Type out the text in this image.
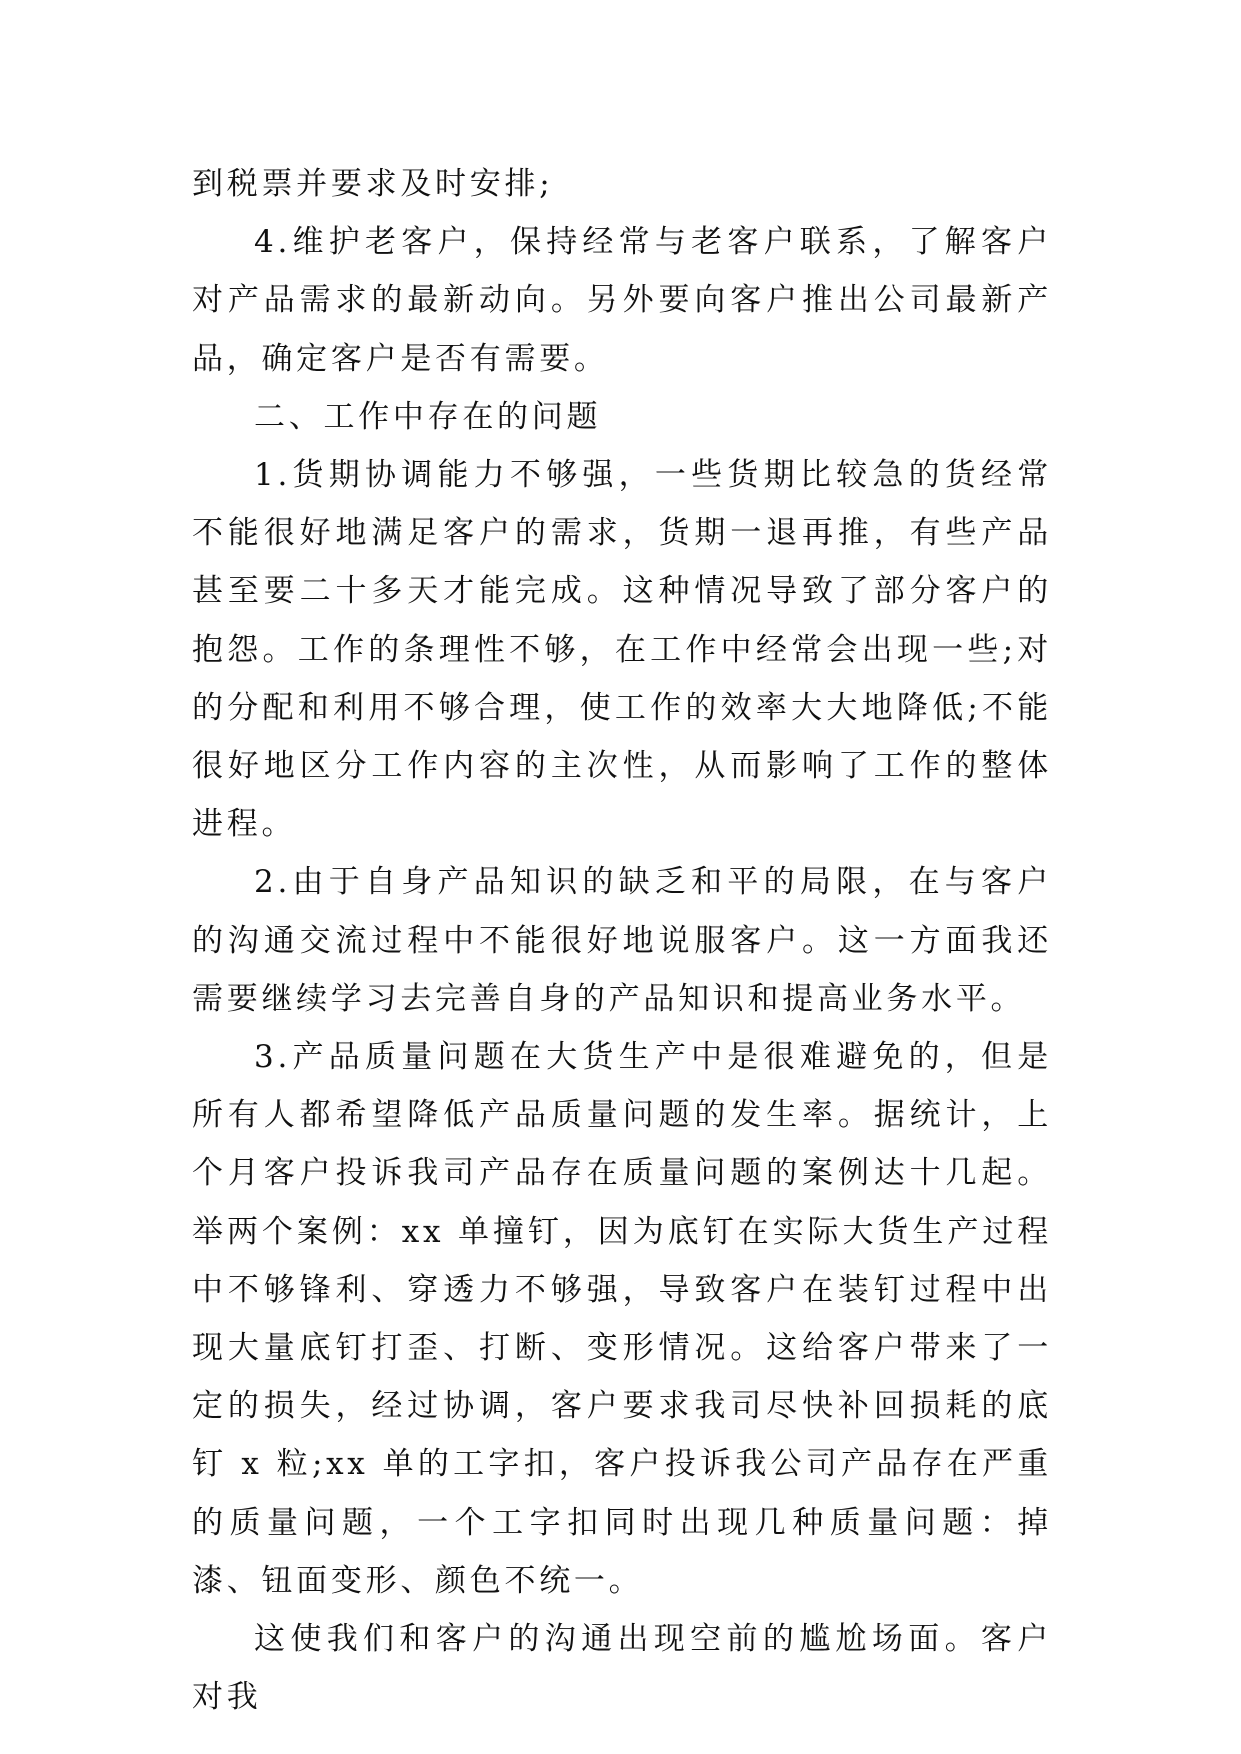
到税票并要求及时安排;

4.维护老客户，保持经常与老客户联系，了解客户对产品需求的最新动向。另外要向客户推出公司最新产品，确定客户是否有需要。

二、工作中存在的问题

1.货期协调能力不够强，一些货期比较急的货经常不能很好地满足客户的需求，货期一退再推，有些产品甚至要二十多天才能完成。这种情况导致了部分客户的抱怨。工作的条理性不够，在工作中经常会出现一些;对的分配和利用不够合理，使工作的效率大大地降低;不能很好地区分工作内容的主次性，从而影响了工作的整体进程。

2.由于自身产品知识的缺乏和平的局限，在与客户的沟通交流过程中不能很好地说服客户。这一方面我还需要继续学习去完善自身的产品知识和提高业务水平。

3.产品质量问题在大货生产中是很难避免的，但是所有人都希望降低产品质量问题的发生率。据统计，上个月客户投诉我司产品存在质量问题的案例达十几起。举两个案例：xx 单撞钉，因为底钉在实际大货生产过程中不够锋利、穿透力不够强，导致客户在装钉过程中出现大量底钉打歪、打断、变形情况。这给客户带来了一定的损失，经过协调，客户要求我司尽快补回损耗的底钉 x 粒;xx 单的工字扣，客户投诉我公司产品存在严重的质量问题，一个工字扣同时出现几种质量问题：掉漆、钮面变形、颜色不统一。

这使我们和客户的沟通出现空前的尴尬场面。客户对我
